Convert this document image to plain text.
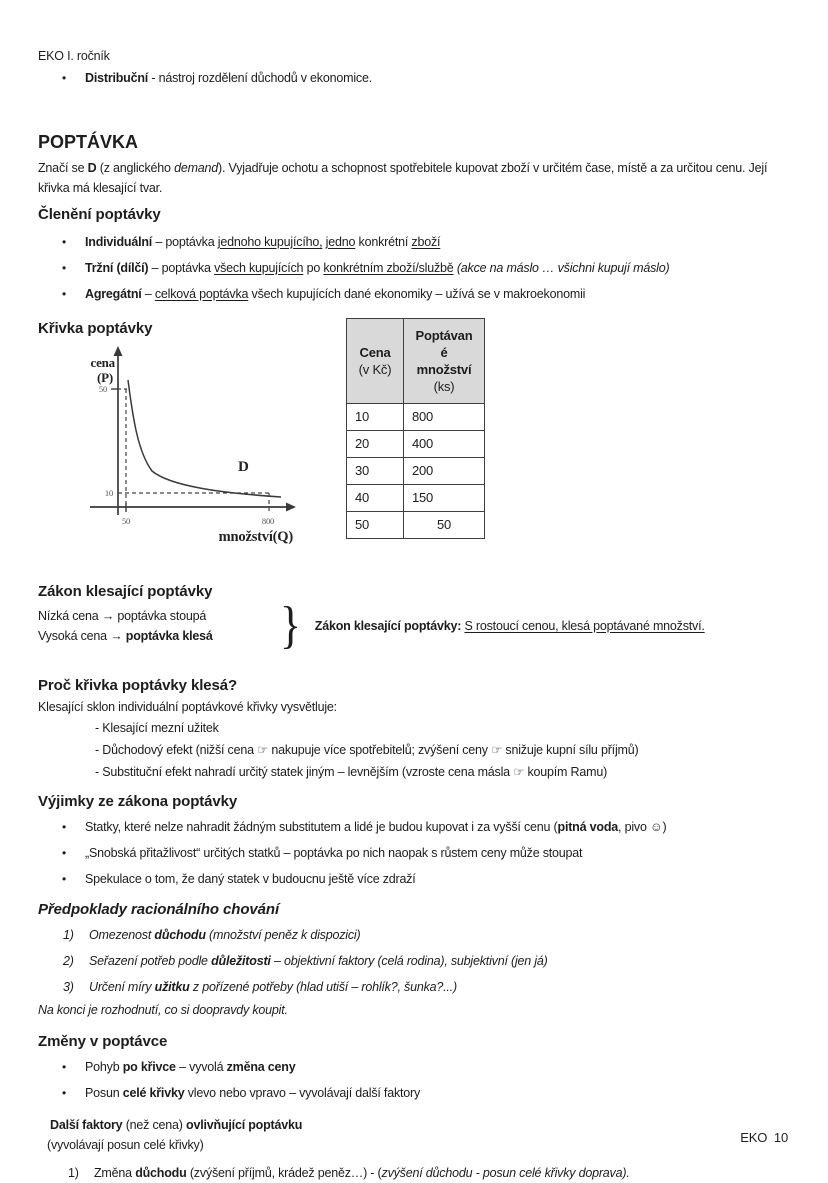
EKO I. ročník
•	Distribuční - nástroj rozdělení důchodů v ekonomice.
POPTÁVKA
Značí se D (z anglického demand). Vyjadřuje ochotu a schopnost spotřebitele kupovat zboží v určitém čase, místě a za určitou cenu. Její křivka má klesající tvar.
Členění poptávky
•	Individuální – poptávka jednoho kupujícího, jedno konkrétní zboží
•	Tržní (dílčí) – poptávka všech kupujících po konkrétním zboží/službě (akce na máslo … všichni kupují máslo)
•	Agregátní – celková poptávka všech kupujících dané ekonomiky – užívá se v makroekonomii
Křivka poptávky
cena
(P)
50
10
50	800
D
množství(Q)
Cena
(v Kč)	Poptávan
é
množství
(ks)
10	800
20	400
30	200
40	150
50	50
Zákon klesající poptávky
Nízká cena → poptávka stoupá
Vysoká cena → poptávka klesá	} Zákon klesající poptávky: S rostoucí cenou, klesá poptávané množství.
Proč křivka poptávky klesá?
Klesající sklon individuální poptávkové křivky vysvětluje:
- Klesající mezní užitek
- Důchodový efekt (nižší cena ☞ nakupuje více spotřebitelů; zvýšení ceny ☞ snižuje kupní sílu příjmů)
- Substituční efekt nahradí určitý statek jiným – levnějším (vzroste cena másla ☞ koupím Ramu)
Výjimky ze zákona poptávky
•	Statky, které nelze nahradit žádným substitutem a lidé je budou kupovat i za vyšší cenu (pitná voda, pivo ☺)
•	„Snobská přitažlivost“ určitých statků – poptávka po nich naopak s růstem ceny může stoupat
•	Spekulace o tom, že daný statek v budoucnu ještě více zdraží
Předpoklady racionálního chování
1)	Omezenost důchodu (množství peněz k dispozici)
2)	Seřazení potřeb podle důležitosti – objektivní faktory (celá rodina), subjektivní (jen já)
3)	Určení míry užitku z pořízené potřeby (hlad utiší – rohlík?, šunka?...)
Na konci je rozhodnutí, co si doopravdy koupit.
Změny v poptávce
•	Pohyb po křivce – vyvolá změna ceny
•	Posun celé křivky vlevo nebo vpravo – vyvolávají další faktory
Další faktory (než cena) ovlivňující poptávku
(vyvolávají posun celé křivky)
1)	Změna důchodu (zvýšení příjmů, krádež peněz…) - (zvýšení důchodu - posun celé křivky doprava).
EKO  10
